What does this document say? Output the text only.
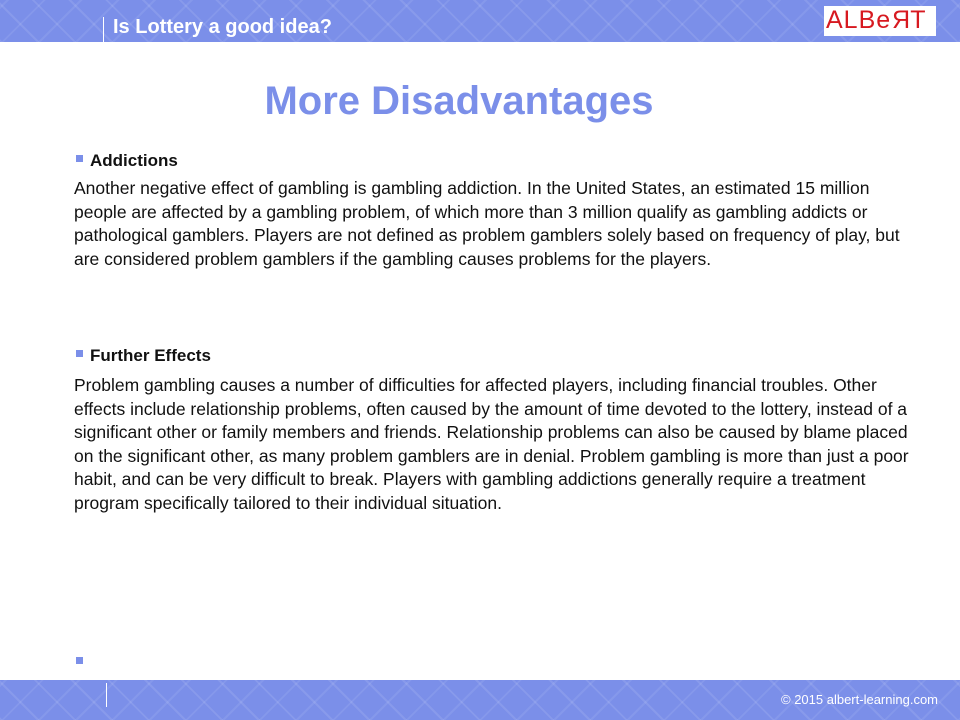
Is Lottery a good idea?	ALBeRT
More Disadvantages
Addictions

Another negative effect of gambling is gambling addiction. In the United States, an estimated 15 million people are affected by a gambling problem, of which more than 3 million qualify as gambling addicts or pathological gamblers. Players are not defined as problem gamblers solely based on frequency of play, but are considered problem gamblers if the gambling causes problems for the players.

Further Effects

Problem gambling causes a number of difficulties for affected players, including financial troubles. Other effects include relationship problems, often caused by the amount of time devoted to the lottery, instead of a significant other or family members and friends. Relationship problems can also be caused by blame placed on the significant other, as many problem gamblers are in denial. Problem gambling is more than just a poor habit, and can be very difficult to break. Players with gambling addictions generally require a treatment program specifically tailored to their individual situation.

© 2015 albert-learning.com
